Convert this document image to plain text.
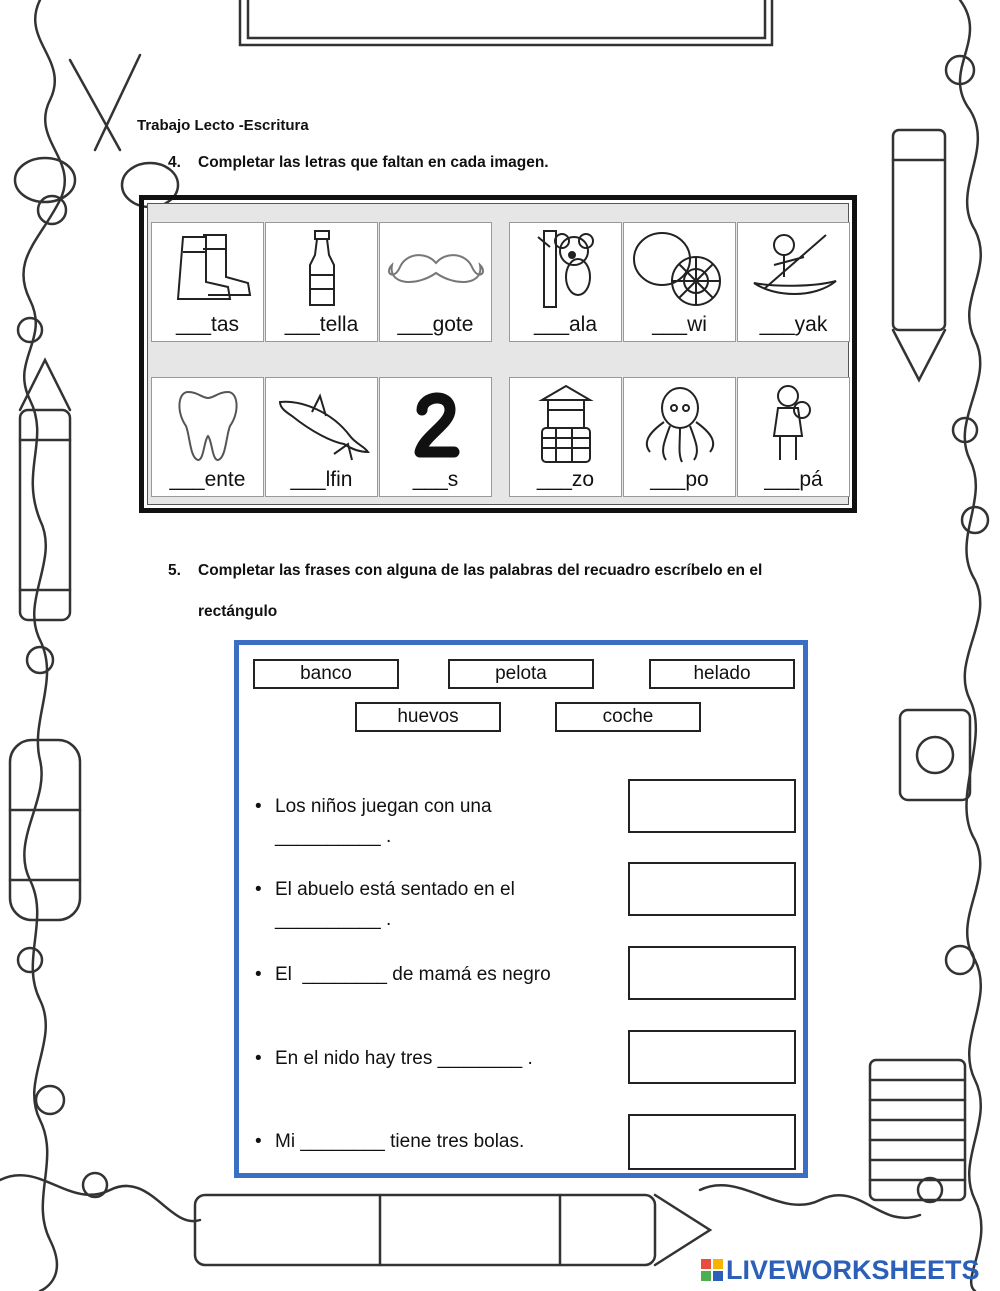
Trabajo Lecto -Escritura
4. Completar las letras que faltan en cada imagen.
___tas	___tella	___gote	___ala	___wi	___yak
___ente	___lfin	___s	___zo	___po	___pá
5. Completar las frases con alguna de las palabras del recuadro escríbelo en el
rectángulo
banco	pelota	helado
huevos	coche
• Los niños juegan con una
__________ .
• El abuelo está sentado en el
__________ .
• El  ________ de mamá es negro
• En el nido hay tres ________ .
• Mi ________ tiene tres bolas.
LIVEWORKSHEETS
